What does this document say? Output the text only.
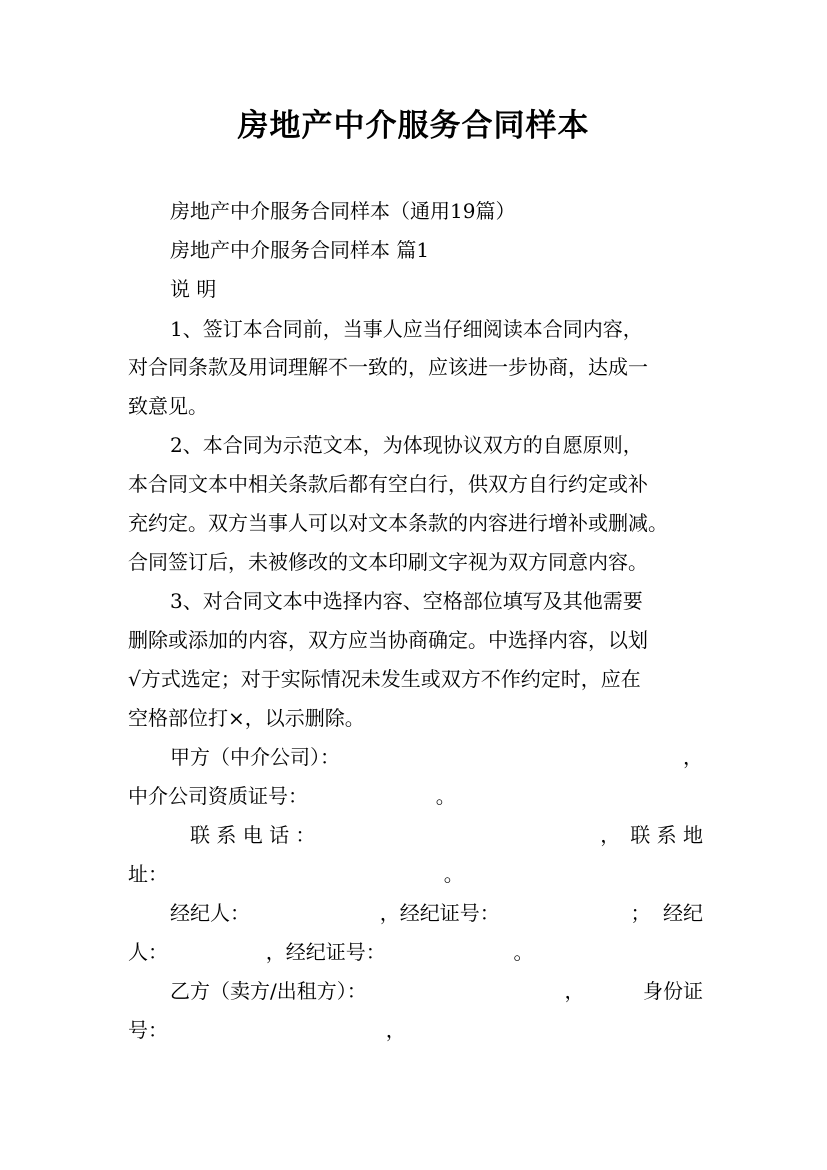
房地产中介服务合同样本
房地产中介服务合同样本（通用19篇）
房地产中介服务合同样本 篇1
说 明
1、签订本合同前，当事人应当仔细阅读本合同内容，
对合同条款及用词理解不一致的，应该进一步协商，达成一
致意见。
2、本合同为示范文本，为体现协议双方的自愿原则，
本合同文本中相关条款后都有空白行，供双方自行约定或补
充约定。双方当事人可以对文本条款的内容进行增补或删减。
合同签订后，未被修改的文本印刷文字视为双方同意内容。
3、对合同文本中选择内容、空格部位填写及其他需要
删除或添加的内容，双方应当协商确定。中选择内容，以划
√方式选定；对于实际情况未发生或双方不作约定时，应在
空格部位打×，以示删除。
甲方（中介公司）：	，
中介公司资质证号：	。
联 系 电 话 ：	， 联 系 地
址：	。
经纪人：	，经纪证号：	； 经纪
人：	，经纪证号：	。
乙方（卖方/出租方）：	，	身份证
号：	，
